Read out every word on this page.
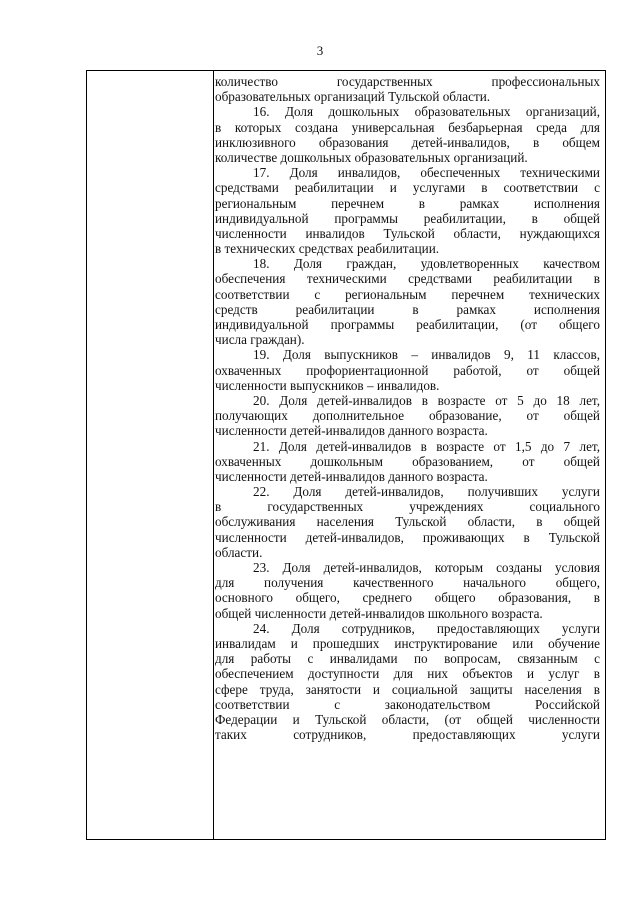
3
количество государственных профессиональных
образовательных организаций Тульской области.
16. Доля дошкольных образовательных организаций,
в которых создана универсальная безбарьерная среда для
инклюзивного образования детей-инвалидов, в общем
количестве дошкольных образовательных организаций.
17. Доля инвалидов, обеспеченных техническими
средствами реабилитации и услугами в соответствии с
региональным перечнем в рамках исполнения
индивидуальной программы реабилитации, в общей
численности инвалидов Тульской области, нуждающихся
в технических средствах реабилитации.
18. Доля граждан, удовлетворенных качеством
обеспечения техническими средствами реабилитации в
соответствии с региональным перечнем технических
средств реабилитации в рамках исполнения
индивидуальной программы реабилитации, (от общего
числа граждан).
19. Доля выпускников – инвалидов 9, 11 классов,
охваченных профориентационной работой, от общей
численности выпускников – инвалидов.
20. Доля детей-инвалидов в возрасте от 5 до 18 лет,
получающих дополнительное образование, от общей
численности детей-инвалидов данного возраста.
21. Доля детей-инвалидов в возрасте от 1,5 до 7 лет,
охваченных дошкольным образованием, от общей
численности детей-инвалидов данного возраста.
22. Доля детей-инвалидов, получивших услуги
в государственных учреждениях социального
обслуживания населения Тульской области, в общей
численности детей-инвалидов, проживающих в Тульской
области.
23. Доля детей-инвалидов, которым созданы условия
для получения качественного начального общего,
основного общего, среднего общего образования, в
общей численности детей-инвалидов школьного возраста.
24. Доля сотрудников, предоставляющих услуги
инвалидам и прошедших инструктирование или обучение
для работы с инвалидами по вопросам, связанным с
обеспечением доступности для них объектов и услуг в
сфере труда, занятости и социальной защиты населения в
соответствии с законодательством Российской
Федерации и Тульской области, (от общей численности
таких сотрудников, предоставляющих услуги
